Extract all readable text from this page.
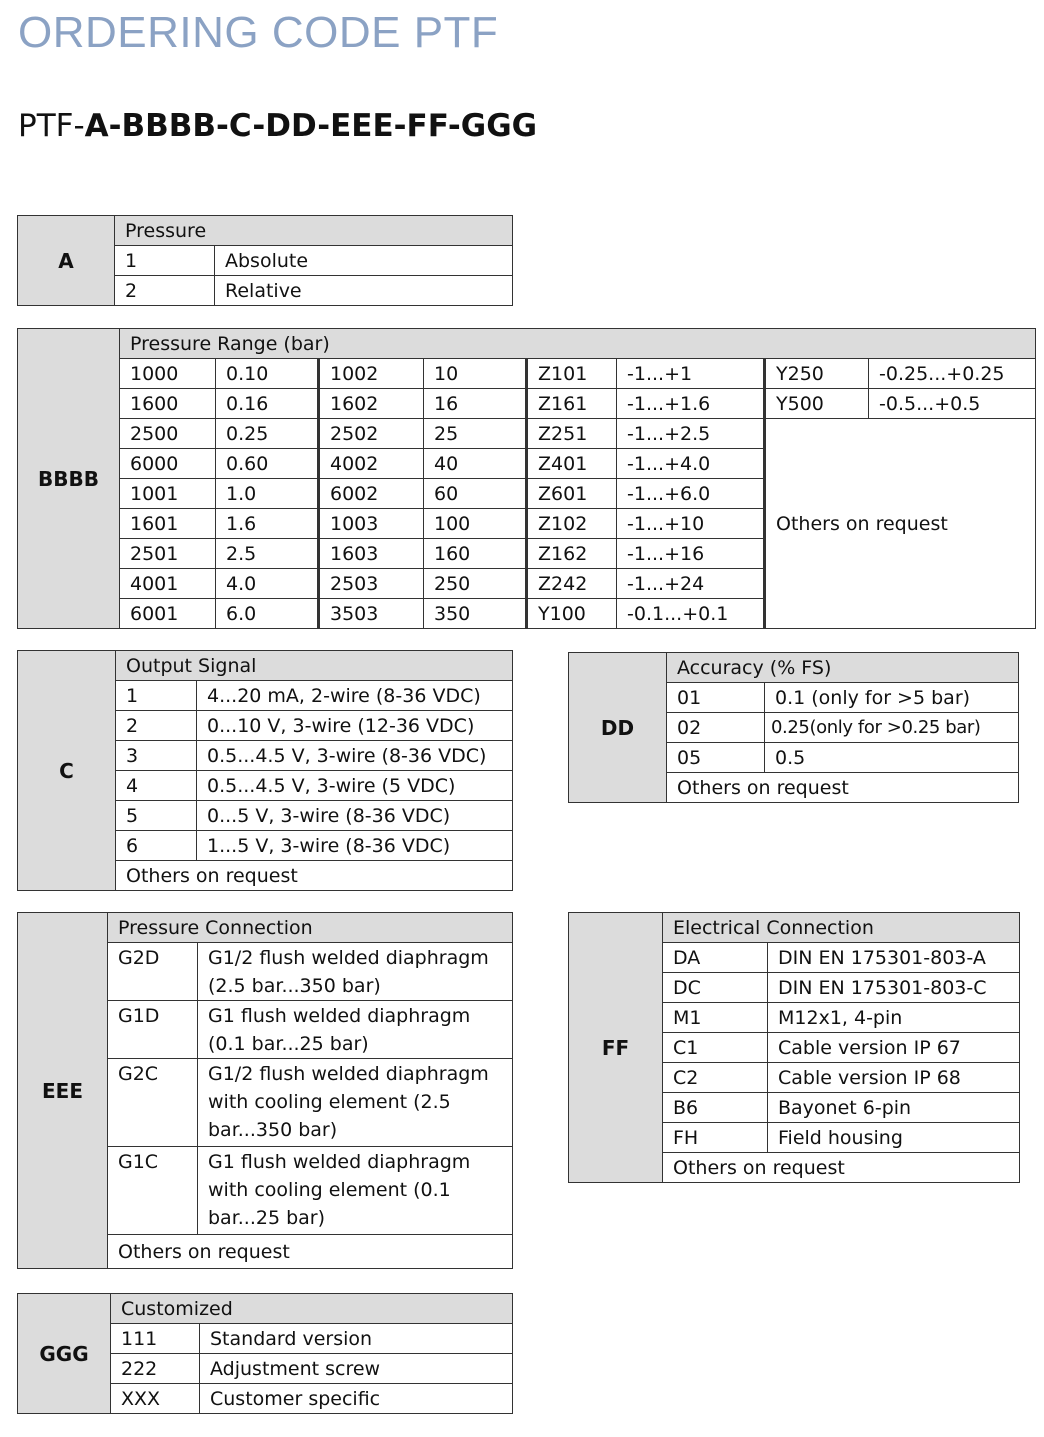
ORDERING CODE PTF
PTF-A-BBBB-C-DD-EEE-FF-GGG
A	Pressure	
	1	Absolute
	2	Relative
BBBB	Pressure Range (bar)							
	1000	0.10	1002	10	Z101	-1...+1	Y250	-0.25...+0.25
	1600	0.16	1602	16	Z161	-1...+1.6	Y500	-0.5...+0.5
	2500	0.25	2502	25	Z251	-1...+2.5	Others on request	
	6000	0.60	4002	40	Z401	-1...+4.0		
	1001	1.0	6002	60	Z601	-1...+6.0		
	1601	1.6	1003	100	Z102	-1...+10		
	2501	2.5	1603	160	Z162	-1...+16		
	4001	4.0	2503	250	Z242	-1...+24		
	6001	6.0	3503	350	Y100	-0.1...+0.1		
C	Output Signal	
	1	4...20 mA, 2-wire (8-36 VDC)
	2	0...10 V, 3-wire (12-36 VDC)
	3	0.5...4.5 V, 3-wire (8-36 VDC)
	4	0.5...4.5 V, 3-wire (5 VDC)
	5	0...5 V, 3-wire (8-36 VDC)
	6	1...5 V, 3-wire (8-36 VDC)
	Others on request	
DD	Accuracy (% FS)	
	01	0.1 (only for >5 bar)
	02	0.25(only for >0.25 bar)
	05	0.5
	Others on request	
EEE	Pressure Connection	
	G2D	G1/2 flush welded diaphragm (2.5 bar...350 bar)
	G1D	G1 flush welded diaphragm (0.1 bar...25 bar)
	G2C	G1/2 flush welded diaphragm with cooling element (2.5 bar...350 bar)
	G1C	G1 flush welded diaphragm with cooling element (0.1 bar...25 bar)
	Others on request	
FF	Electrical Connection	
	DA	DIN EN 175301-803-A
	DC	DIN EN 175301-803-C
	M1	M12x1, 4-pin
	C1	Cable version IP 67
	C2	Cable version IP 68
	B6	Bayonet 6-pin
	FH	Field housing
	Others on request	
GGG	Customized	
	111	Standard version
	222	Adjustment screw
	XXX	Customer specific
